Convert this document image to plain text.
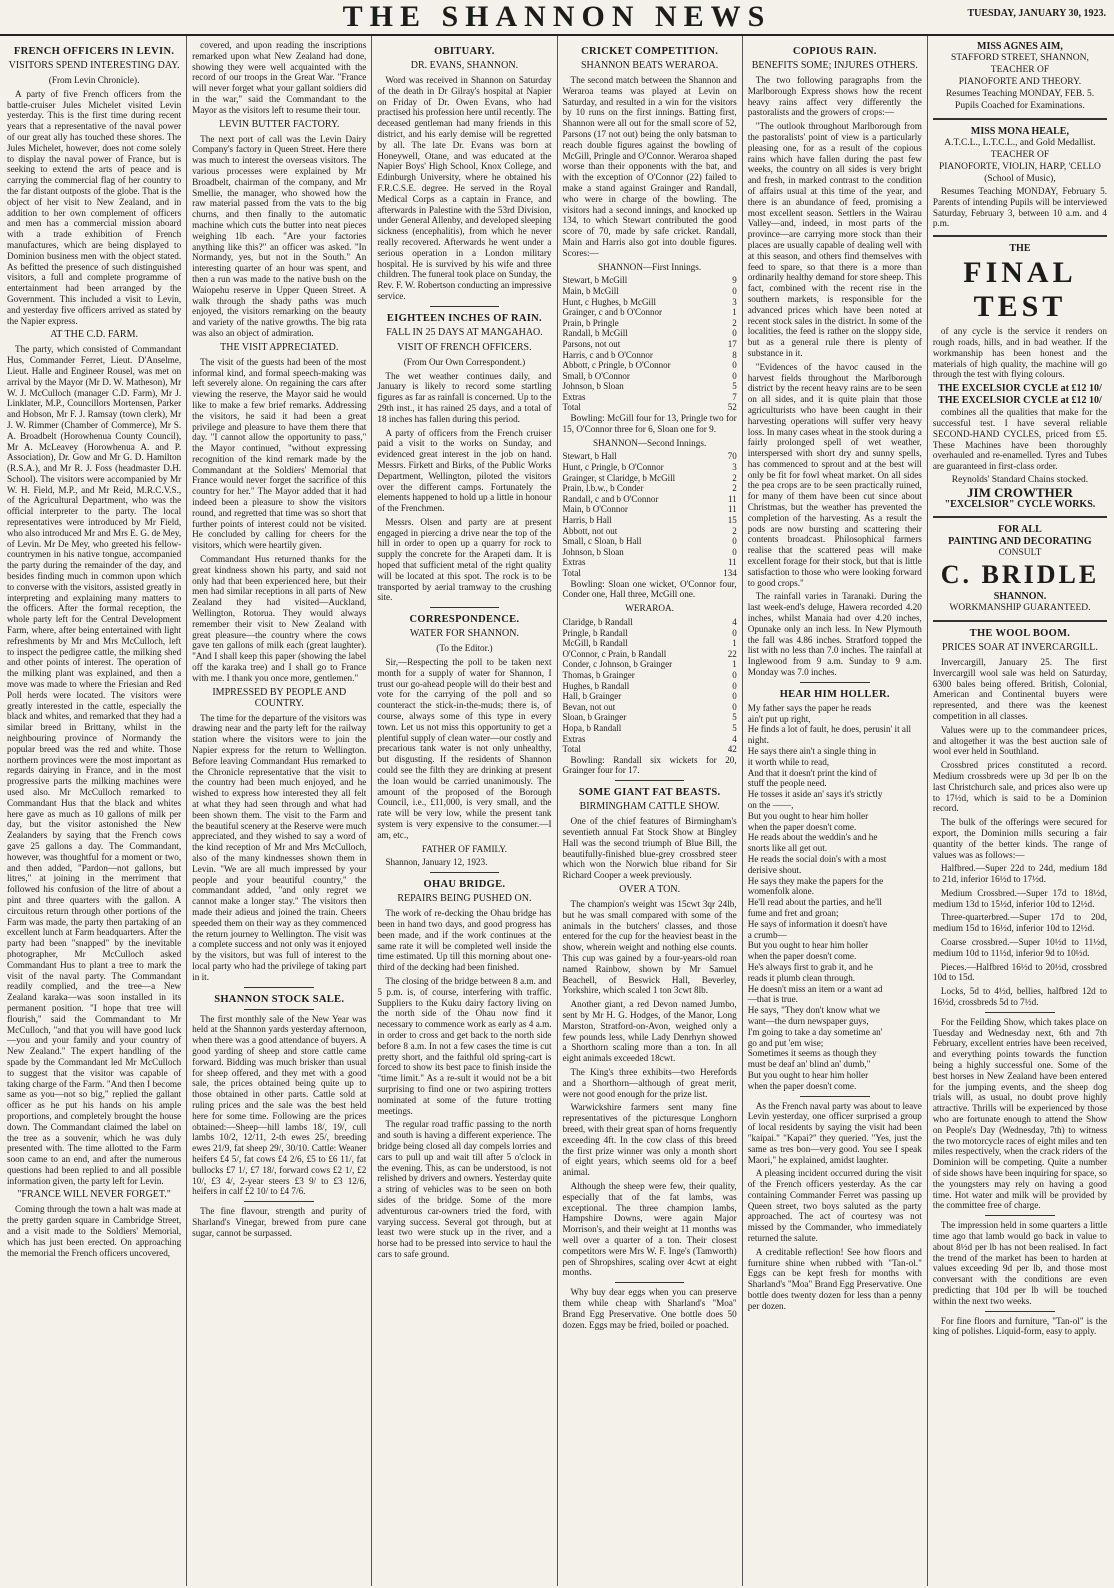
THE SHANNON NEWS	TUESDAY, JANUARY 30, 1923.
FRENCH OFFICERS IN LEVIN.
VISITORS SPEND INTERESTING DAY.

(From Levin Chronicle).

A party of five French officers from the battle-cruiser Jules Michelet visited Levin yesterday. This is the first time during recent years that a representative of the naval power of our great ally has touched these shores. The Jules Michelet, however, does not come solely to display the naval power of France, but is seeking to extend the arts of peace and is carrying the commercial flag of her country to the far distant outposts of the globe. That is the object of her visit to New Zealand, and in addition to her own complement of officers and men has a commercial mission aboard with a trade exhibition of French manufactures, which are being displayed to Dominion business men with the object stated. As befitted the presence of such distinguished visitors, a full and complete programme of entertainment had been arranged by the Government. This included a visit to Levin, and yesterday five officers arrived as stated by the Napier express.

AT THE C.D. FARM.

The party, which consisted of Commandant Hus, Commander Ferret, Lieut. D'Anselme, Lieut. Halle and Engineer Rousel, was met on arrival by the Mayor (Mr D. W. Matheson), Mr W. J. McCulloch (manager C.D. Farm), Mr J. Linklater, M.P., Councillors Mortensen, Parker and Hobson, Mr F. J. Ramsay (town clerk), Mr J. W. Rimmer (Chamber of Commerce), Mr S. A. Broadbelt (Horowhenua County Council), Mr A. McLeavey (Horowhenua A. and P. Association), Dr. Gow and Mr G. D. Hamilton (R.S.A.), and Mr R. J. Foss (headmaster D.H. School). The visitors were accompanied by Mr W. H. Field, M.P., and Mr Reid, M.R.C.V.S., of the Agricultural Department, who was the official interpreter to the party. The local representatives were introduced by Mr Field, who also introduced Mr and Mrs E. G. de Mey, of Levin. Mr De Mey, who greeted his fellow-countrymen in his native tongue, accompanied the party during the remainder of the day, and besides finding much in common upon which to converse with the visitors, assisted greatly in interpreting and explaining many matters to the officers. After the formal reception, the whole party left for the Central Development Farm, where, after being entertained with light refreshments by Mr and Mrs McCulloch, left to inspect the pedigree cattle, the milking shed and other points of interest. The operation of the milking plant was explained, and then a move was made to where the Friesian and Red Poll herds were located. The visitors were greatly interested in the cattle, especially the black and whites, and remarked that they had a similar breed in Brittany, whilst in the neighbouring province of Normandy the popular breed was the red and white. Those northern provinces were the most important as regards dairying in France, and in the most progressive parts the milking machines were used also. Mr McCulloch remarked to Commandant Hus that the black and whites here gave as much as 10 gallons of milk per day, but the visitor astonished the New Zealanders by saying that the French cows gave 25 gallons a day. The Commandant, however, was thoughtful for a moment or two, and then added, "Pardon—not gallons, but litres," at joining in the merriment that followed his confusion of the litre of about a pint and three quarters with the gallon. A circuitous return through other portions of the Farm was made, the party then partaking of an excellent lunch at Farm headquarters. After the party had been "snapped" by the inevitable photographer, Mr McCulloch asked Commandant Hus to plant a tree to mark the visit of the naval party. The Commandant readily complied, and the tree—a New Zealand karaka—was soon installed in its permanent position. "I hope that tree will flourish," said the Commandant to Mr McCulloch, "and that you will have good luck—you and your family and your country of New Zealand." The expert handling of the spade by the Commandant led Mr McCulloch to suggest that the visitor was capable of taking charge of the Farm. "And then I become same as you—not so big," replied the gallant officer as he put his hands on his ample proportions, and completely brought the house down. The Commandant claimed the label on the tree as a souvenir, which he was duly presented with. The time allotted to the Farm soon came to an end, and after the numerous questions had been replied to and all possible information given, the party left for Levin.

"FRANCE WILL NEVER FORGET."

Coming through the town a halt was made at the pretty garden square in Cambridge Street, and a visit made to the Soldiers' Memorial, which has just been erected. On approaching the memorial the French officers uncovered,

covered, and upon reading the inscriptions remarked upon what New Zealand had done, showing they were well acquainted with the record of our troops in the Great War. "France will never forget what your gallant soldiers did in the war," said the Commandant to the Mayor as the visitors left to resume their tour.

LEVIN BUTTER FACTORY.

The next port of call was the Levin Dairy Company's factory in Queen Street. Here there was much to interest the overseas visitors. The various processes were explained by Mr Broadbelt, chairman of the company, and Mr Smellie, the manager, who showed how the raw material passed from the vats to the big churns, and then finally to the automatic machine which cuts the butter into neat pieces weighing 1lb each. "Are your factories anything like this?" an officer was asked. "In Normandy, yes, but not in the South." An interesting quarter of an hour was spent, and then a run was made to the native bush on the Waiopehu reserve in Upper Queen Street. A walk through the shady paths was much enjoyed, the visitors remarking on the beauty and variety of the native growths. The big rata was also an object of admiration.

THE VISIT APPRECIATED.

The visit of the guests had been of the most informal kind, and formal speech-making was left severely alone. On regaining the cars after viewing the reserve, the Mayor said he would like to make a few brief remarks. Addressing the visitors, he said it had been a great privilege and pleasure to have them there that day. "I cannot allow the opportunity to pass," the Mayor continued, "without expressing recognition of the kind remark made by the Commandant at the Soldiers' Memorial that France would never forget the sacrifice of this country for her." The Mayor added that it had indeed been a pleasure to show the visitors round, and regretted that time was so short that further points of interest could not be visited. He concluded by calling for cheers for the visitors, which were heartily given.

Commandant Hus returned thanks for the great kindness shown his party, and said not only had that been experienced here, but their men had similar receptions in all parts of New Zealand they had visited—Auckland, Wellington, Rotorua. They would always remember their visit to New Zealand with great pleasure—the country where the cows gave ten gallons of milk each (great laughter). "And I shall keep this paper (showing the label off the karaka tree) and I shall go to France with me. I thank you once more, gentlemen."

IMPRESSED BY PEOPLE AND COUNTRY.

The time for the departure of the visitors was drawing near and the party left for the railway station where the visitors were to join the Napier express for the return to Wellington. Before leaving Commandant Hus remarked to the Chronicle representative that the visit to the country had been much enjoyed, and he wished to express how interested they all felt at what they had seen through and what had been shown them. The visit to the Farm and the beautiful scenery at the Reserve were much appreciated, and they wished to say a word of the kind reception of Mr and Mrs McCulloch, also of the many kindnesses shown them in Levin. "We are all much impressed by your people and your beautiful country," the commandant added, "and only regret we cannot make a longer stay." The visitors then made their adieus and joined the train. Cheers speeded them on their way as they commenced the return journey to Wellington. The visit was a complete success and not only was it enjoyed by the visitors, but was full of interest to the local party who had the privilege of taking part in it.

SHANNON STOCK SALE.

The first monthly sale of the New Year was held at the Shannon yards yesterday afternoon, when there was a good attendance of buyers. A good yarding of sheep and store cattle came forward. Bidding was much brisker than usual for sheep offered, and they met with a good sale, the prices obtained being quite up to those obtained in other parts. Cattle sold at ruling prices and the sale was the best held here for some time. Following are the prices obtained:—Sheep—hill lambs 18/, 19/, cull lambs 10/2, 12/11, 2-th ewes 25/, breeding ewes 21/9, fat sheep 29/, 30/10. Cattle: Weaner heifers £4 5/, fat cows £4 2/6, £5 to £6 11/, fat bullocks £7 1/, £7 18/, forward cows £2 1/, £2 10/, £3 4/, 2-year steers £3 9/ to £3 12/6, heifers in calf £2 10/ to £4 7/6.

The fine flavour, strength and purity of Sharland's Vinegar, brewed from pure cane sugar, cannot be surpassed.

OBITUARY.
DR. EVANS, SHANNON.

Word was received in Shannon on Saturday of the death in Dr Gilray's hospital at Napier on Friday of Dr. Owen Evans, who had practised his profession here until recently. The deceased gentleman had many friends in this district, and his early demise will be regretted by all. The late Dr. Evans was born at Honeywell, Otane, and was educated at the Napier Boys' High School, Knox College, and Edinburgh University, where he obtained his F.R.C.S.E. degree. He served in the Royal Medical Corps as a captain in France, and afterwards in Palestine with the 53rd Division, under General Allenby, and developed sleeping sickness (encephalitis), from which he never really recovered. Afterwards he went under a serious operation in a London military hospital. He is survived by his wife and three children. The funeral took place on Sunday, the Rev. F. W. Robertson conducting an impressive service.

EIGHTEEN INCHES OF RAIN.
FALL IN 25 DAYS AT MANGAHAO.
VISIT OF FRENCH OFFICERS.

(From Our Own Correspondent.)

The wet weather continues daily, and January is likely to record some startling figures as far as rainfall is concerned. Up to the 29th inst., it has rained 25 days, and a total of 18 inches has fallen during this period.

A party of officers from the French cruiser paid a visit to the works on Sunday, and evidenced great interest in the job on hand. Messrs. Firkett and Birks, of the Public Works Department, Wellington, piloted the visitors over the different camps. Fortunately the elements happened to hold up a little in honour of the Frenchmen.

Messrs. Olsen and party are at present engaged in piercing a drive near the top of the hill in order to open up a quarry for rock to supply the concrete for the Arapeti dam. It is hoped that sufficient metal of the right quality will be located at this spot. The rock is to be transported by aerial tramway to the crushing site.

CORRESPONDENCE.
WATER FOR SHANNON.

(To the Editor.)

Sir,—Respecting the poll to be taken next month for a supply of water for Shannon, I trust our go-ahead people will do their best and vote for the carrying of the poll and so counteract the stick-in-the-muds; there is, of course, always some of this type in every town. Let us not miss this opportunity to get a plentiful supply of clean water—our costly and precarious tank water is not only unhealthy, but disgusting. If the residents of Shannon could see the filth they are drinking at present the loan would be carried unanimously. The amount of the proposed of the Borough Council, i.e., £11,000, is very small, and the rate will be very low, while the present tank system is very expensive to the consumer.—I am, etc.,

FATHER OF FAMILY.

Shannon, January 12, 1923.

OHAU BRIDGE.
REPAIRS BEING PUSHED ON.

The work of re-decking the Ohau bridge has been in hand two days, and good progress has been made, and if the work continues at the same rate it will be completed well inside the time estimated. Up till this morning about one-third of the decking had been finished.

The closing of the bridge between 8 a.m. and 5 p.m. is, of course, interfering with traffic. Suppliers to the Kuku dairy factory living on the north side of the Ohau now find it necessary to commence work as early as 4 a.m. in order to cross and get back to the north side before 8 a.m. In not a few cases the time is cut pretty short, and the faithful old spring-cart is forced to show its best pace to finish inside the "time limit." As a re-sult it would not be a bit surprising to find one or two aspiring trotters nominated at some of the future trotting meetings.

The regular road traffic passing to the north and south is having a different experience. The bridge being closed all day compels lorries and cars to pull up and wait till after 5 o'clock in the evening. This, as can be understood, is not relished by drivers and owners. Yesterday quite a string of vehicles was to be seen on both sides of the bridge. Some of the more adventurous car-owners tried the ford, with varying success. Several got through, but at least two were stuck up in the river, and a horse had to be pressed into service to haul the cars to safe ground.

CRICKET COMPETITION.
SHANNON BEATS WERAROA.

The second match between the Shannon and Weraroa teams was played at Levin on Saturday, and resulted in a win for the visitors by 10 runs on the first innings. Batting first, Shannon were all out for the small score of 52, Parsons (17 not out) being the only batsman to reach double figures against the bowling of McGill, Pringle and O'Connor. Weraroa shaped worse than their opponents with the bat, and with the exception of O'Connor (22) failed to make a stand against Grainger and Randall, who were in charge of the bowling. The visitors had a second innings, and knocked up 134, to which Stewart contributed the good score of 70, made by safe cricket. Randall, Main and Harris also got into double figures. Scores:—

SHANNON—First Innings.

Stewart, b McGill	9
Main, b McGill	0
Hunt, c Hughes, b McGill	3
Grainger, c and b O'Connor	1
Prain, b Pringle	2
Randall, b McGill	0
Parsons, not out	17
Harris, c and b O'Connor	8
Abbott, c Pringle, b O'Connor	0
Small, b O'Connor	0
Johnson, b Sloan	5
Extras	7
Total	52

Bowling: McGill four for 13, Pringle two for 15, O'Connor three for 6, Sloan one for 9.

SHANNON—Second Innings.

Stewart, b Hall	70
Hunt, c Pringle, b O'Connor	3
Grainger, st Claridge, b McGill	2
Prain, l.b.w., b Conder	2
Randall, c and b O'Connor	11
Main, b O'Connor	11
Harris, b Hall	15
Abbott, not out	2
Small, c Sloan, b Hall	0
Johnson, b Sloan	0
Extras	11
Total	134

Bowling: Sloan one wicket, O'Connor four, Conder one, Hall three, McGill one.

WERAROA.

Claridge, b Randall	4
Pringle, b Randall	0
McGill, b Randall	1
O'Connor, c Prain, b Randall	22
Conder, c Johnson, b Grainger	1
Thomas, b Grainger	0
Hughes, b Randall	0
Hall, b Grainger	0
Bevan, not out	0
Sloan, b Grainger	5
Hopa, b Randall	5
Extras	4
Total	42

Bowling: Randall six wickets for 20, Grainger four for 17.

SOME GIANT FAT BEASTS.
BIRMINGHAM CATTLE SHOW.

One of the chief features of Birmingham's seventieth annual Fat Stock Show at Bingley Hall was the second triumph of Blue Bill, the beautifully-finished blue-grey crossbred steer which won the Norwich blue riband for Sir Richard Cooper a week previously.

OVER A TON.

The champion's weight was 15cwt 3qr 24lb, but he was small compared with some of the animals in the butchers' classes, and those entered for the cup for the heaviest beast in the show, wherein weight and nothing else counts. This cup was gained by a four-years-old roan named Rainbow, shown by Mr Samuel Beachell, of Beswick Hall, Beverley, Yorkshire, which scaled 1 ton 3cwt 8lb.

Another giant, a red Devon named Jumbo, sent by Mr H. G. Hodges, of the Manor, Long Marston, Stratford-on-Avon, weighed only a few pounds less, while Lady Denrhyn showed a Shorthorn scaling more than a ton. In all eight animals exceeded 18cwt.

The King's three exhibits—two Herefords and a Shorthorn—although of great merit, were not good enough for the prize list.

Warwickshire farmers sent many fine representatives of the picturesque Longhorn breed, with their great span of horns frequently exceeding 4ft. In the cow class of this breed the first prize winner was only a month short of eight years, which seems old for a beef animal.

Although the sheep were few, their quality, especially that of the fat lambs, was exceptional. The three champion lambs, Hampshire Downs, were again Major Morrison's, and their weight at 11 months was well over a quarter of a ton. Their closest competitors were Mrs W. F. Inge's (Tamworth) pen of Shropshires, scaling over 4cwt at eight months.

Why buy dear eggs when you can preserve them while cheap with Sharland's "Moa" Brand Egg Preservative. One bottle does 50 dozen. Eggs may be fried, boiled or poached.

COPIOUS RAIN.
BENEFITS SOME; INJURES OTHERS.

The two following paragraphs from the Marlborough Express shows how the recent heavy rains affect very differently the pastoralists and the growers of crops:—

"The outlook throughout Marlborough from the pastoralists' point of view is a particularly pleasing one, for as a result of the copious rains which have fallen during the past few weeks, the country on all sides is very bright and fresh, in marked contrast to the condition of affairs usual at this time of the year, and there is an abundance of feed, promising a most excellent season. Settlers in the Wairau Valley—and, indeed, in most parts of the province—are carrying more stock than their places are usually capable of dealing well with at this season, and others find themselves with feed to spare, so that there is a more than ordinarily healthy demand for store sheep. This fact, combined with the recent rise in the southern markets, is responsible for the advanced prices which have been noted at recent stock sales in the district. In some of the localities, the feed is rather on the sloppy side, but as a general rule there is plenty of substance in it.

"Evidences of the havoc caused in the harvest fields throughout the Marlborough district by the recent heavy rains are to be seen on all sides, and it is quite plain that those agriculturists who have been caught in their harvesting operations will suffer very heavy loss. In many cases wheat in the stook during a fairly prolonged spell of wet weather, interspersed with short dry and sunny spells, has commenced to sprout and at the best will only be fit for fowl wheat market. On all sides the pea crops are to be seen practically ruined, for many of them have been cut since about Christmas, but the weather has prevented the completion of the harvesting. As a result the pods are now bursting and scattering their contents broadcast. Philosophical farmers realise that the scattered peas will make excellent forage for their stock, but that is little satisfaction to those who were looking forward to good crops."

The rainfall varies in Taranaki. During the last week-end's deluge, Hawera recorded 4.20 inches, whilst Manaia had over 4.20 inches, Opunake only an inch less. In New Plymouth the fall was 4.86 inches. Stratford topped the list with no less than 7.0 inches. The rainfall at Inglewood from 9 a.m. Sunday to 9 a.m. Monday was 7.0 inches.

HEAR HIM HOLLER.
My father says the paper he reads
ain't put up right,
He finds a lot of fault, he does, perusin' it all night.
He says there ain't a single thing in
it worth while to read,
And that it doesn't print the kind of
stuff the people need.
He tosses it aside an' says it's strictly
on the ——,
But you ought to hear him holler
when the paper doesn't come.
He reads about the weddin's and he
snorts like all get out.
He reads the social doin's with a most
derisive shout.
He says they make the papers for the
womenfolk alone.
He'll read about the parties, and he'll
fume and fret and groan;
He says of information it doesn't have
a crumb—
But you ought to hear him holler
when the paper doesn't come.
He's always first to grab it, and he
reads it plumb clean through.
He doesn't miss an item or a want ad
—that is true.
He says, "They don't know what we
want—the durn newspaper guys,
I'm going to take a day sometime an'
go and put 'em wise;
Sometimes it seems as though they
must be deaf an' blind an' dumb,"
But you ought to hear him holler
when the paper doesn't come.

As the French naval party was about to leave Levin yesterday, one officer surprised a group of local residents by saying the visit had been "kaipai." "Kapai?" they queried. "Yes, just the same as tres bon—very good. You see I speak Maori," he explained, amidst laughter.

A pleasing incident occurred during the visit of the French officers yesterday. As the car containing Commander Ferret was passing up Queen street, two boys saluted as the party approached. The act of courtesy was not missed by the Commander, who immediately returned the salute.

A creditable reflection! See how floors and furniture shine when rubbed with "Tan-ol." Eggs can be kept fresh for months with Sharland's "Moa" Brand Egg Preservative. One bottle does twenty dozen for less than a penny per dozen.

MISS AGNES AIM,
STAFFORD STREET, SHANNON,
TEACHER OF
PIANOFORTE AND THEORY.
Resumes Teaching MONDAY, FEB. 5.
Pupils Coached for Examinations.
MISS MONA HEALE,
A.T.C.L., L.T.C.L., and Gold Medallist.
TEACHER OF
PIANOFORTE, VIOLIN, HARP, 'CELLO
(School of Music),

Resumes Teaching MONDAY, February 5. Parents of intending Pupils will be interviewed Saturday, February 3, between 10 a.m. and 4 p.m.

THE
FINAL TEST

of any cycle is the service it renders on rough roads, hills, and in bad weather. If the workmanship has been honest and the materials of high quality, the machine will go through the test with flying colours.

THE EXCELSIOR CYCLE at £12 10/
THE EXCELSIOR CYCLE at £12 10/

combines all the qualities that make for the successful test. I have several reliable SECOND-HAND CYCLES, priced from £5. These Machines have been thoroughly overhauled and re-enamelled. Tyres and Tubes are guaranteed in first-class order.

Reynolds' Standard Chains stocked.
JIM CROWTHER
"EXCELSIOR" CYCLE WORKS.
FOR ALL
PAINTING AND DECORATING
CONSULT
C. BRIDLE
SHANNON.
WORKMANSHIP GUARANTEED.
THE WOOL BOOM.
PRICES SOAR AT INVERCARGILL.

Invercargill, January 25. The first Invercargill wool sale was held on Saturday, 6300 bales being offered. British, Colonial, American and Continental buyers were represented, and there was the keenest competition in all classes.

Values were up to the commandeer prices, and altogether it was the best auction sale of wool ever held in Southland.

Crossbred prices constituted a record. Medium crossbreds were up 3d per lb on the last Christchurch sale, and prices also were up to 17½d, which is said to be a Dominion record.

The bulk of the offerings were secured for export, the Dominion mills securing a fair quantity of the better kinds. The range of values was as follows:—

Halfbred.—Super 22d to 24d, medium 18d to 21d, inferior 16½d to 17½d.

Medium Crossbred.—Super 17d to 18½d, medium 13d to 15½d, inferior 10d to 12½d.

Three-quarterbred.—Super 17d to 20d, medium 15d to 16½d, inferior 10d to 12½d.

Coarse crossbred.—Super 10½d to 11½d, medium 10d to 11½d, inferior 9d to 10½d.

Pieces.—Halfbred 16½d to 20½d, crossbred 10d to 15d.

Locks, 5d to 4½d, bellies, halfbred 12d to 16½d, crossbreds 5d to 7½d.

For the Feilding Show, which takes place on Tuesday and Wednesday next, 6th and 7th February, excellent entries have been received, and everything points towards the function being a highly successful one. Some of the best horses in New Zealand have been entered for the jumping events, and the sheep dog trials will, as usual, no doubt prove highly attractive. Thrills will be experienced by those who are fortunate enough to attend the Show on People's Day (Wednesday, 7th) to witness the two motorcycle races of eight miles and ten miles respectively, when the crack riders of the Dominion will be competing. Quite a number of side shows have been inquiring for space, so the youngsters may rely on having a good time. Hot water and milk will be provided by the committee free of charge.

The impression held in some quarters a little time ago that lamb would go back in value to about 8½d per lb has not been realised. In fact the trend of the market has been to harden at values exceeding 9d per lb, and those most conversant with the conditions are even predicting that 10d per lb will be touched within the next two weeks.

For fine floors and furniture, "Tan-ol" is the king of polishes. Liquid-form, easy to apply.
